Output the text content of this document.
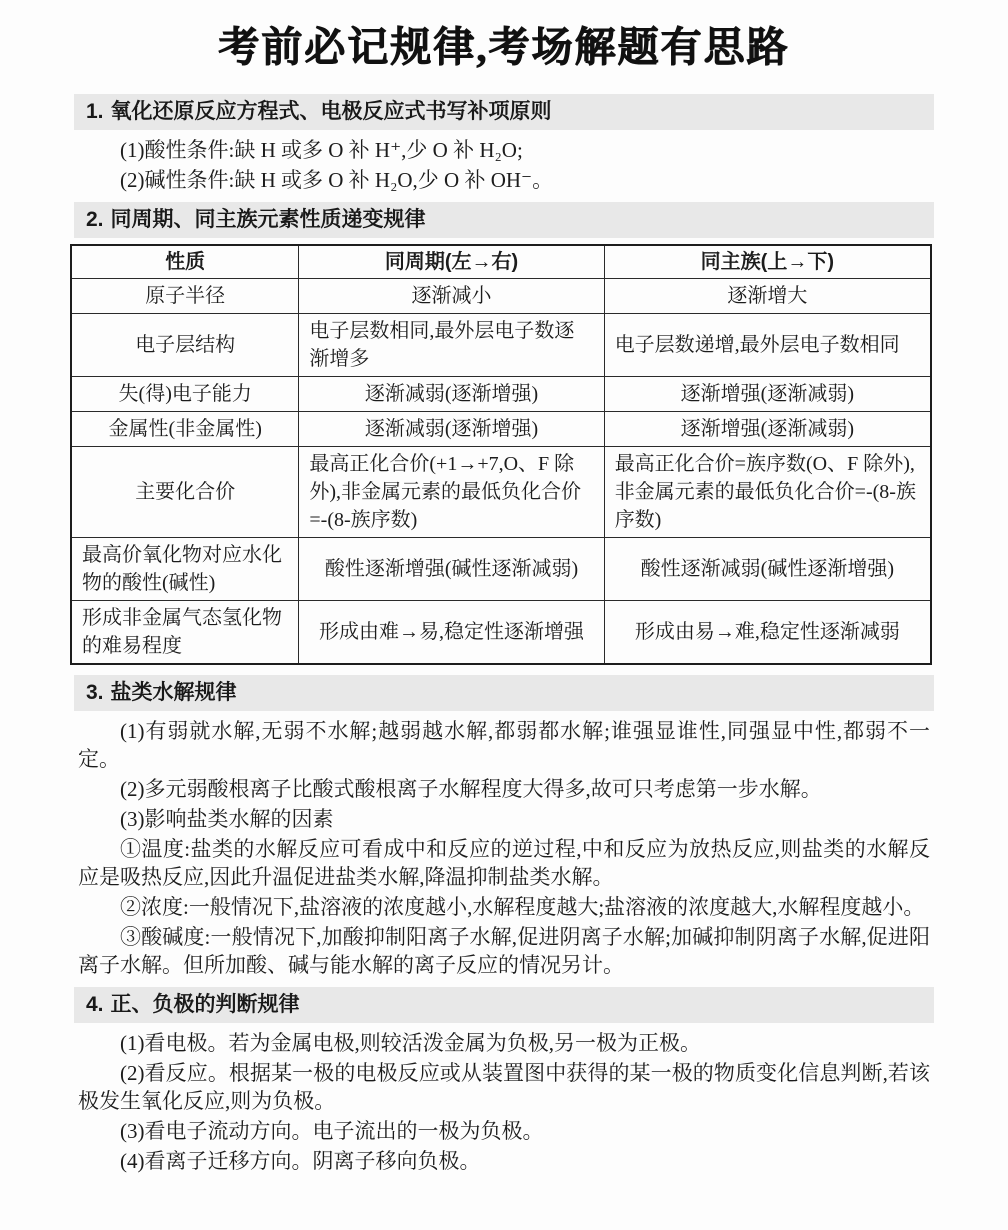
考前必记规律,考场解题有思路
1. 氧化还原反应方程式、电极反应式书写补项原则

(1)酸性条件:缺 H 或多 O 补 H⁺,少 O 补 H₂O;

(2)碱性条件:缺 H 或多 O 补 H₂O,少 O 补 OH⁻。

2. 同周期、同主族元素性质递变规律
性质	同周期(左→右)	同主族(上→下)
原子半径	逐渐减小	逐渐增大
电子层结构	电子层数相同,最外层电子数逐渐增多	电子层数递增,最外层电子数相同
失(得)电子能力	逐渐减弱(逐渐增强)	逐渐增强(逐渐减弱)
金属性(非金属性)	逐渐减弱(逐渐增强)	逐渐增强(逐渐减弱)
主要化合价	最高正化合价(+1→+7,O、F 除外),非金属元素的最低负化合价=-(8-族序数)	最高正化合价=族序数(O、F 除外),非金属元素的最低负化合价=-(8-族序数)
最高价氧化物对应水化物的酸性(碱性)	酸性逐渐增强(碱性逐渐减弱)	酸性逐渐减弱(碱性逐渐增强)
形成非金属气态氢化物的难易程度	形成由难→易,稳定性逐渐增强	形成由易→难,稳定性逐渐减弱
3. 盐类水解规律

(1)有弱就水解,无弱不水解;越弱越水解,都弱都水解;谁强显谁性,同强显中性,都弱不一定。

(2)多元弱酸根离子比酸式酸根离子水解程度大得多,故可只考虑第一步水解。

(3)影响盐类水解的因素

①温度:盐类的水解反应可看成中和反应的逆过程,中和反应为放热反应,则盐类的水解反应是吸热反应,因此升温促进盐类水解,降温抑制盐类水解。

②浓度:一般情况下,盐溶液的浓度越小,水解程度越大;盐溶液的浓度越大,水解程度越小。

③酸碱度:一般情况下,加酸抑制阳离子水解,促进阴离子水解;加碱抑制阴离子水解,促进阳离子水解。但所加酸、碱与能水解的离子反应的情况另计。

4. 正、负极的判断规律

(1)看电极。若为金属电极,则较活泼金属为负极,另一极为正极。

(2)看反应。根据某一极的电极反应或从装置图中获得的某一极的物质变化信息判断,若该极发生氧化反应,则为负极。

(3)看电子流动方向。电子流出的一极为负极。

(4)看离子迁移方向。阴离子移向负极。
